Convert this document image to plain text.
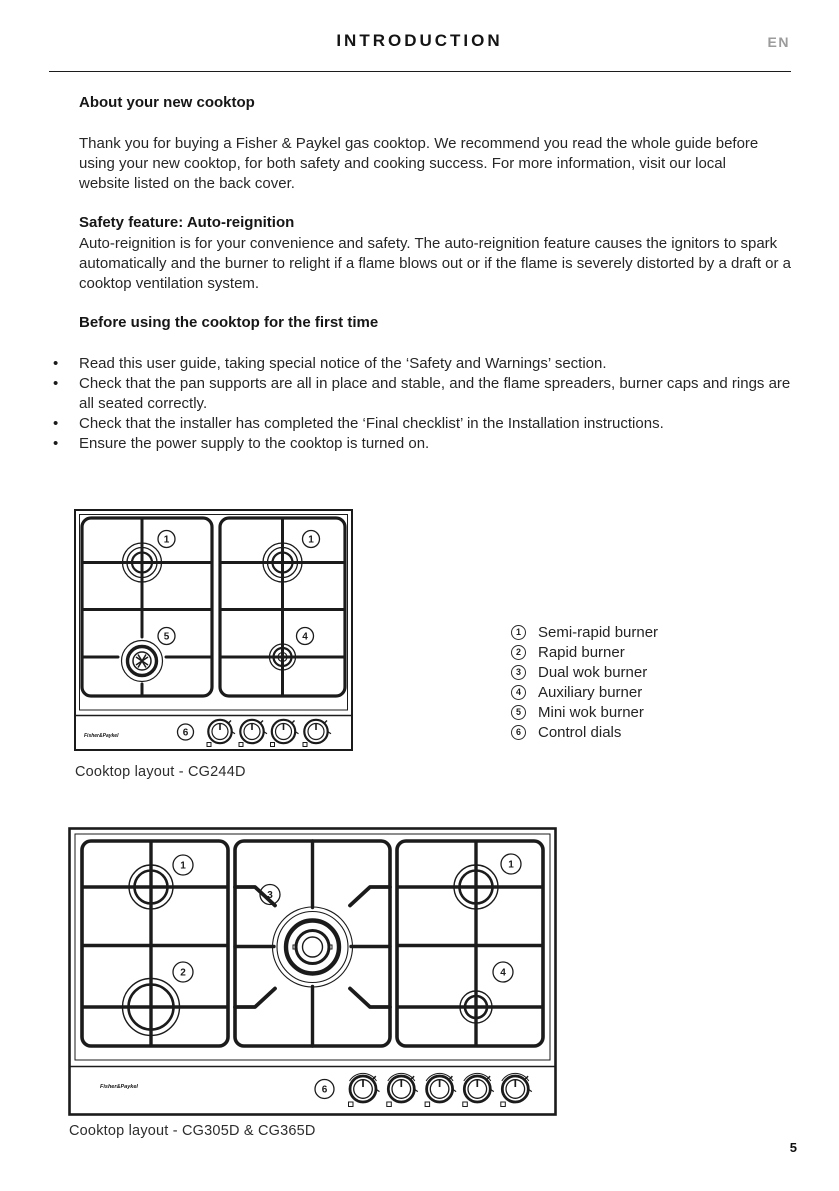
INTRODUCTION	EN
About your new cooktop
Thank you for buying a Fisher & Paykel gas cooktop. We recommend you read the whole guide before using your new cooktop, for both safety and cooking success. For more information, visit our local website listed on the back cover.
Safety feature: Auto-reignition
Auto-reignition is for your convenience and safety. The auto-reignition feature causes the ignitors to spark automatically and the burner to relight if a flame blows out or if the flame is severely distorted by a draft or a cooktop ventilation system.
Before using the cooktop for the first time
• Read this user guide, taking special notice of the ‘Safety and Warnings’ section.
• Check that the pan supports are all in place and stable, and the flame spreaders, burner caps and rings are all seated correctly.
• Check that the installer has completed the ‘Final checklist’ in the Installation instructions.
• Ensure the power supply to the cooktop is turned on.
1	1
5	4
Fisher&Paykel	6
Cooktop layout - CG244D
1	Semi-rapid burner
2	Rapid burner
3	Dual wok burner
4	Auxiliary burner
5	Mini wok burner
6	Control dials
1	1
3
2	4
Fisher&Paykel	6
Cooktop layout - CG305D & CG365D
5
